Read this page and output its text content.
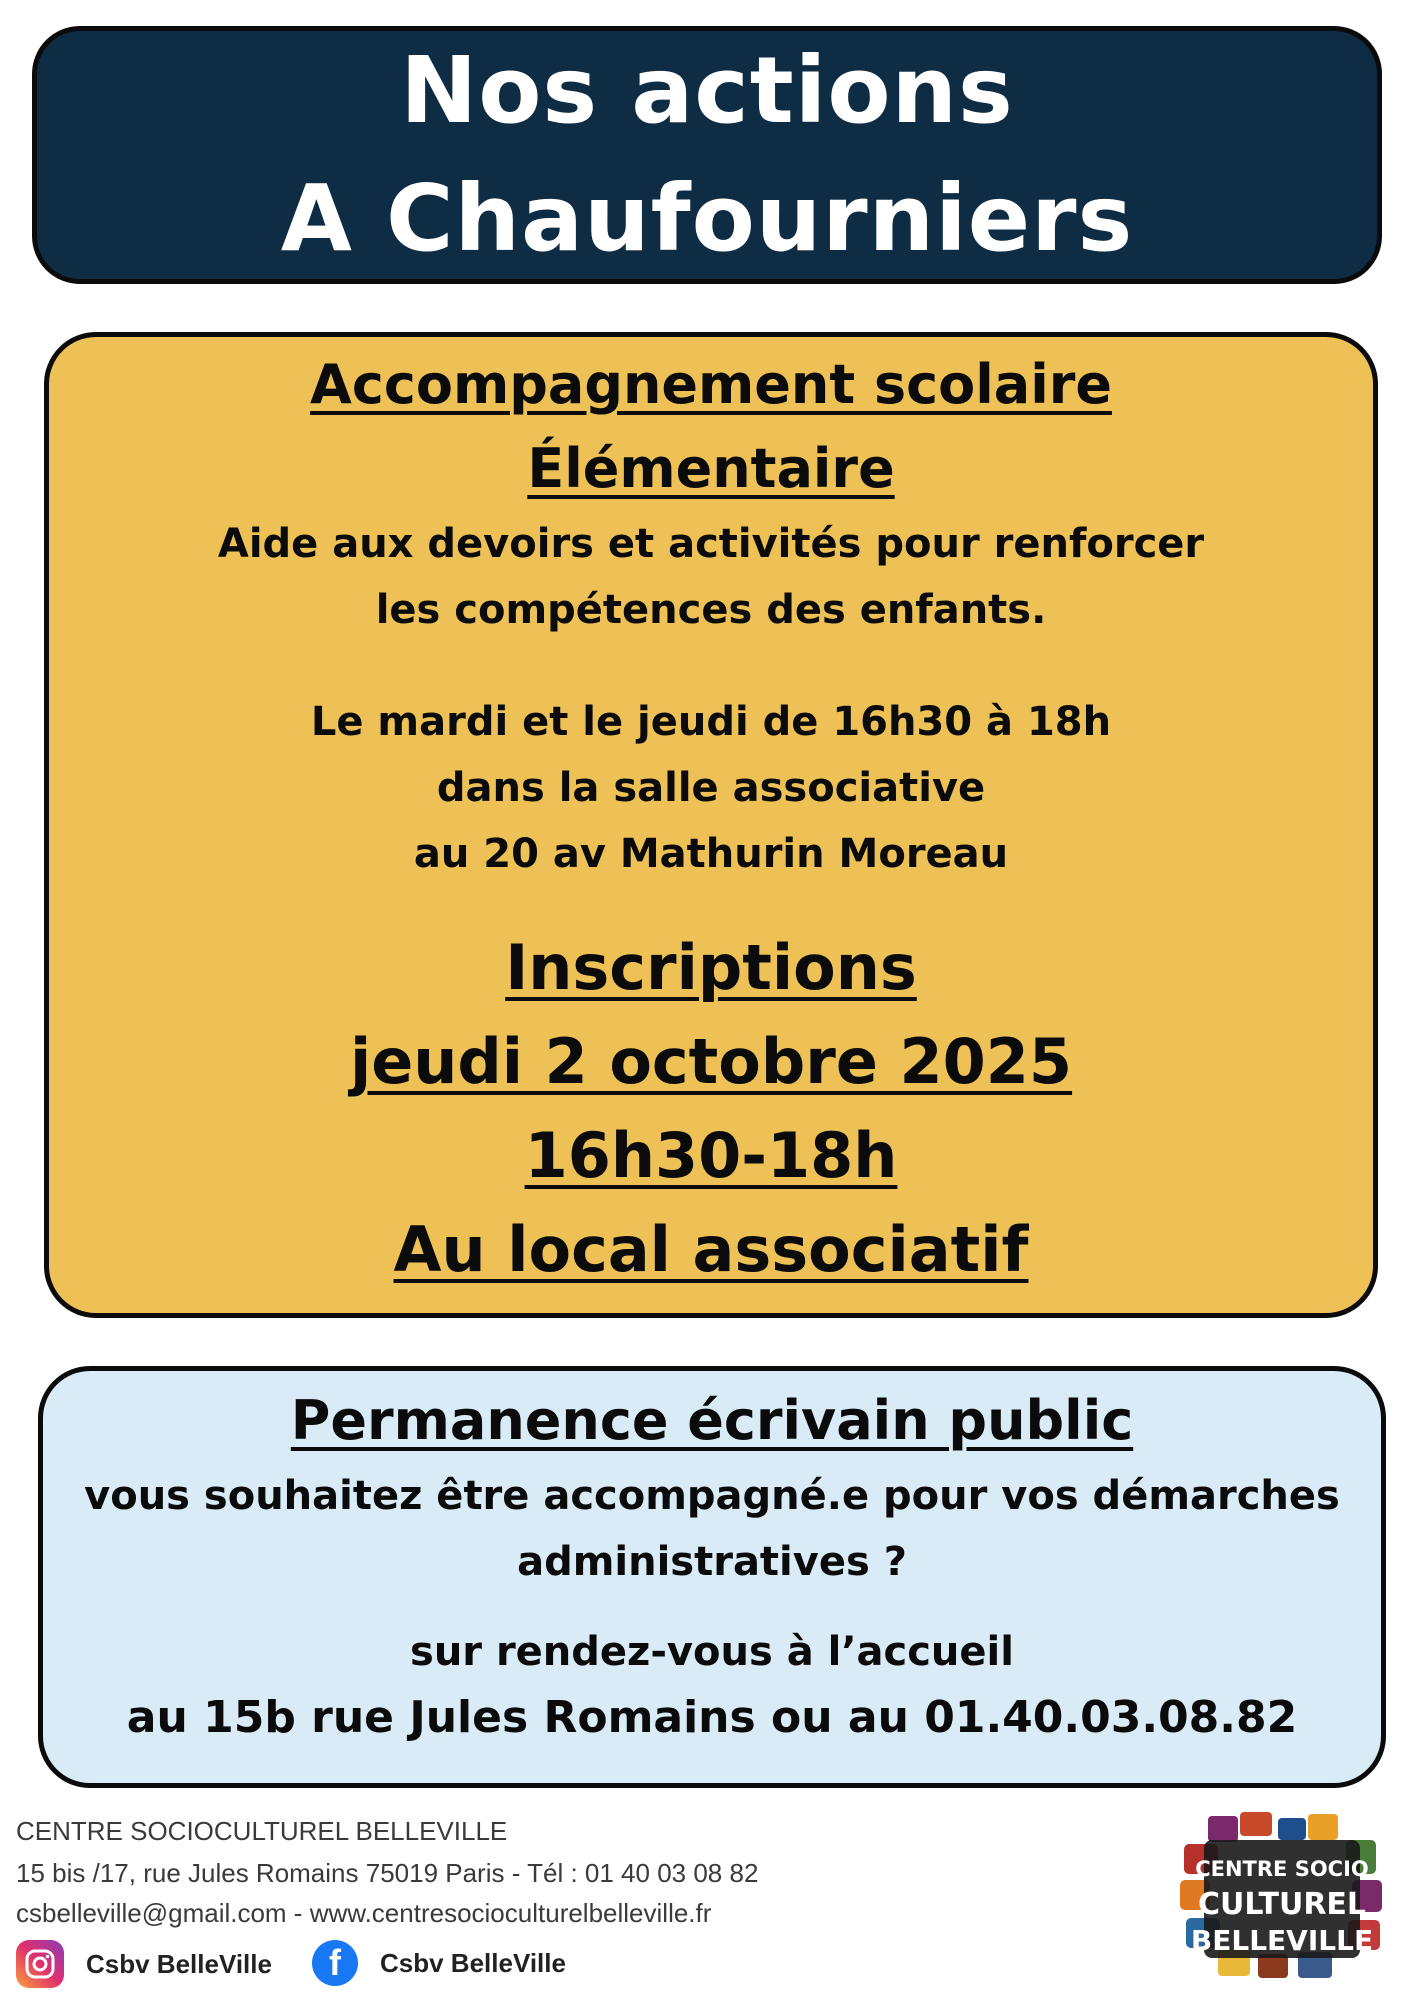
Nos actions
A Chaufourniers
Accompagnement scolaire
Élémentaire
Aide aux devoirs et activités pour renforcer
les compétences des enfants.
Le mardi et le jeudi de 16h30 à 18h
dans la salle associative
au 20 av Mathurin Moreau
Inscriptions
jeudi 2 octobre 2025
16h30-18h
Au local associatif
Permanence écrivain public
vous souhaitez être accompagné.e pour vos démarches
administratives ?
sur rendez-vous à l’accueil
au 15b rue Jules Romains ou au 01.40.03.08.82
CENTRE SOCIOCULTUREL BELLEVILLE
15 bis /17, rue Jules Romains 75019 Paris - Tél : 01 40 03 08 82
csbelleville@gmail.com - www.centresocioculturelbelleville.fr
Csbv BelleVille	f	Csbv BelleVille
CENTRE SOCIO
CULTUREL
BELLEVILLE
